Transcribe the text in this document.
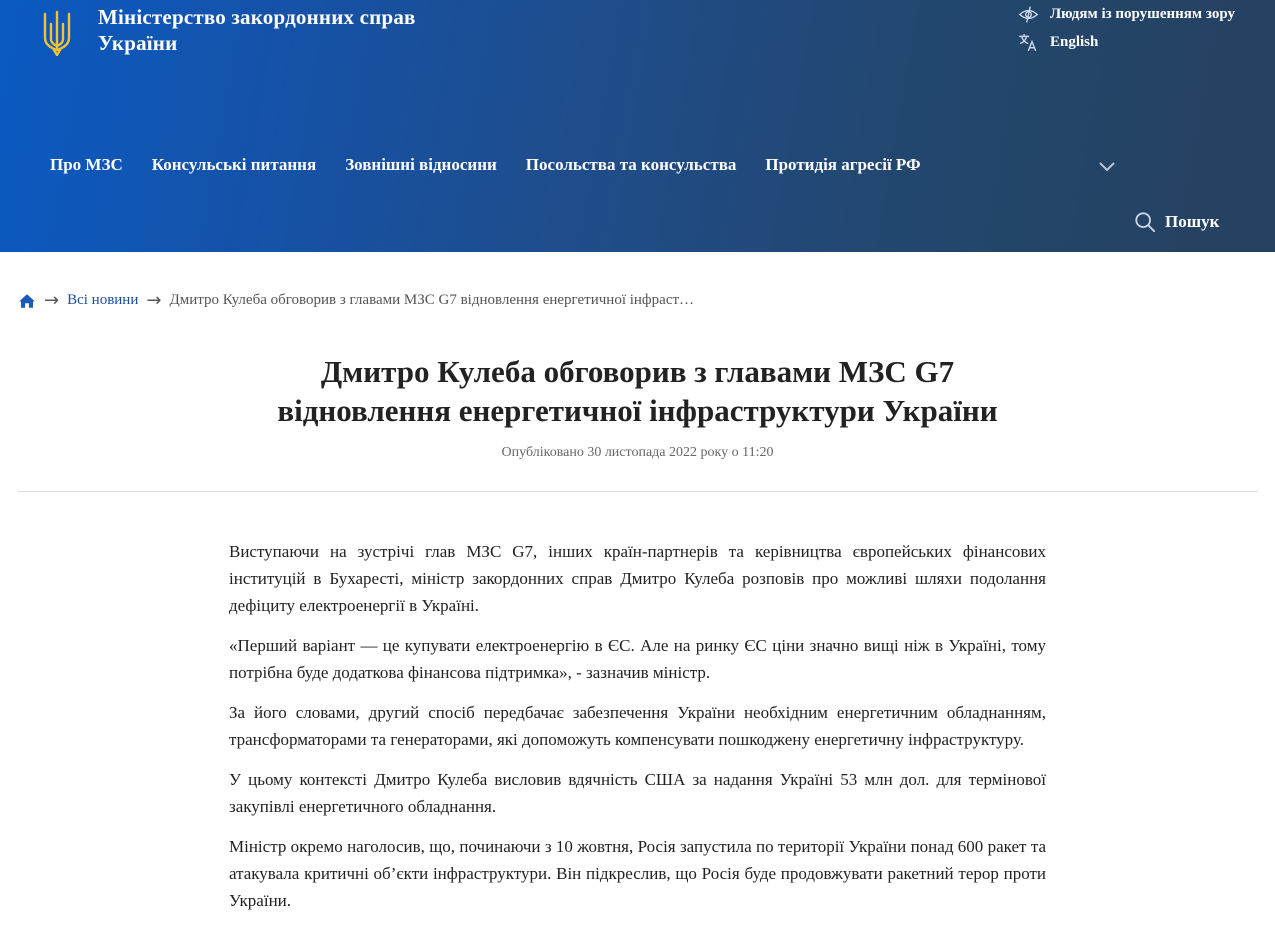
Міністерство закордонних справ України
Людям із порушенням зору
English
Про МЗС Консульські питання Зовнішні відносини Посольства та консульства Протидія агресії РФ
Пошук
→ Всі новини → Дмитро Кулеба обговорив з главами МЗС G7 відновлення енергетичної інфраст…
Дмитро Кулеба обговорив з главами МЗС G7
відновлення енергетичної інфраструктури України
Опубліковано 30 листопада 2022 року о 11:20

Виступаючи на зустрічі глав МЗС G7, інших країн-партнерів та керівництва європейських фінансових інституцій в Бухаресті, міністр закордонних справ Дмитро Кулеба розповів про можливі шляхи подолання дефіциту електроенергії в Україні.

«Перший варіант — це купувати електроенергію в ЄС. Але на ринку ЄС ціни значно вищі ніж в Україні, тому потрібна буде додаткова фінансова підтримка», - зазначив міністр.

За його словами, другий спосіб передбачає забезпечення України необхідним енергетичним обладнанням, трансформаторами та генераторами, які допоможуть компенсувати пошкоджену енергетичну інфраструктуру.

У цьому контексті Дмитро Кулеба висловив вдячність США за надання Україні 53 млн дол. для термінової закупівлі енергетичного обладнання.

Міністр окремо наголосив, що, починаючи з 10 жовтня, Росія запустила по території України понад 600 ракет та атакувала критичні об’єкти інфраструктури. Він підкреслив, що Росія буде продовжувати ракетний терор проти України.
